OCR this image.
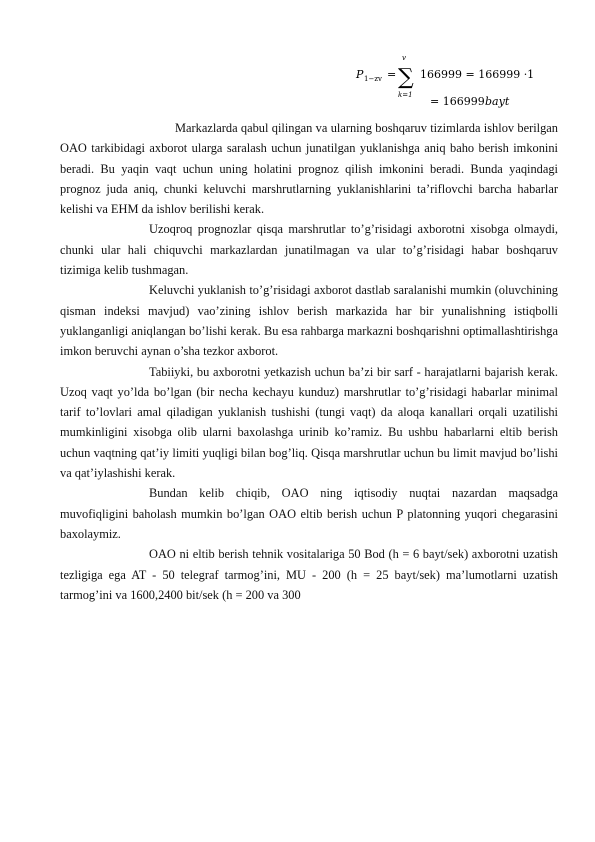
P 1−zv =
v
∑
k=1
166999 = 166999 ·1
= 166999 bayt

Markazlarda qabul qilingan va ularning boshqaruv tizimlarda ishlov berilgan OAO tarkibidagi axborot ularga saralash uchun junatilgan yuklanishga aniq baho berish imkonini beradi. Bu yaqin vaqt uchun uning holatini prognoz qilish imkonini beradi. Bunda yaqindagi prognoz juda aniq, chunki keluvchi marshrutlarning yuklanishlarini ta’riflovchi barcha habarlar kelishi va EHM da ishlov berilishi kerak.

Uzoqroq prognozlar qisqa marshrutlar to’g’risidagi axborotni xisobga olmaydi, chunki ular hali chiquvchi markazlardan junatilmagan va ular to’g’risidagi habar boshqaruv tizimiga kelib tushmagan.

Keluvchi yuklanish to’g’risidagi axborot dastlab saralanishi mumkin (oluvchining qisman indeksi mavjud) vao’zining ishlov berish markazida har bir yunalishning istiqbolli yuklanganligi aniqlangan bo’lishi kerak. Bu esa rahbarga markazni boshqarishni optimallashtirishga imkon beruvchi aynan o’sha tezkor axborot.

Tabiiyki, bu axborotni yetkazish uchun ba’zi bir sarf - harajatlarni bajarish kerak. Uzoq vaqt yo’lda bo’lgan (bir necha kechayu kunduz) marshrutlar to’g’risidagi habarlar minimal tarif to’lovlari amal qiladigan yuklanish tushishi (tungi vaqt) da aloqa kanallari orqali uzatilishi mumkinligini xisobga olib ularni baxolashga urinib ko’ramiz. Bu ushbu habarlarni eltib berish uchun vaqtning qat’iy limiti yuqligi bilan bog’liq. Qisqa marshrutlar uchun bu limit mavjud bo’lishi va qat’iylashishi kerak.

Bundan kelib chiqib, OAO ning iqtisodiy nuqtai nazardan maqsadga muvofiqligini baholash mumkin bo’lgan OAO eltib berish uchun P platonning yuqori chegarasini baxolaymiz.

OAO ni eltib berish tehnik vositalariga 50 Bod (h = 6 bayt/sek) axborotni uzatish tezligiga ega AT - 50 telegraf tarmog’ini, MU - 200 (h = 25 bayt/sek) ma’lumotlarni uzatish tarmog’ini va 1600,2400 bit/sek (h = 200 va 300
